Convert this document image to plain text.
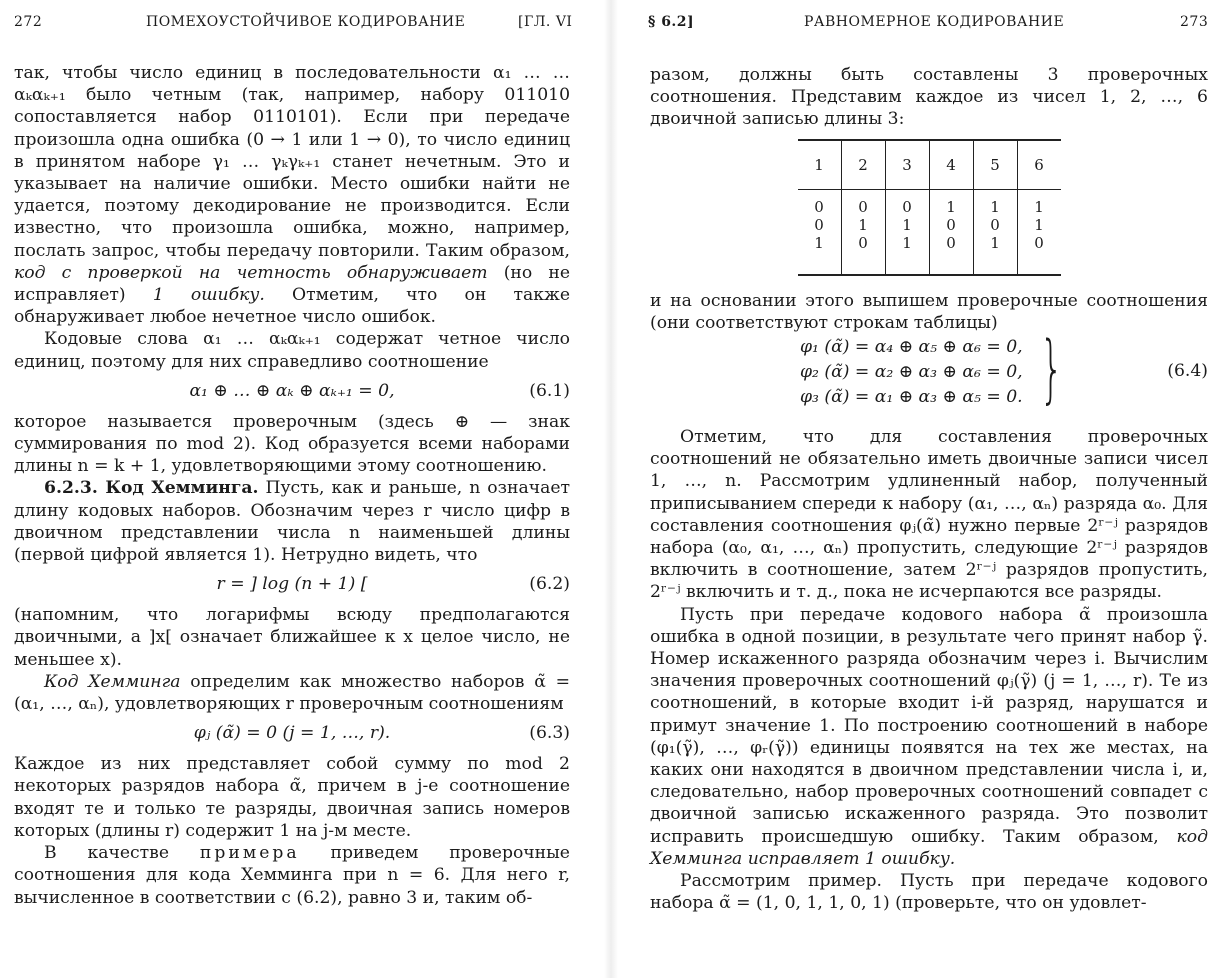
272	ПОМЕХОУСТОЙЧИВОЕ КОДИРОВАНИЕ	[ГЛ. VI

так, чтобы число единиц в последовательности α₁ … … αₖαₖ₊₁ было четным (так, например, набору 011010 сопоставляется набор 0110101). Если при передаче произошла одна ошибка (0 → 1 или 1 → 0), то число единиц в принятом наборе γ₁ … γₖγₖ₊₁ станет нечетным. Это и указывает на наличие ошибки. Место ошибки найти не удается, поэтому декодирование не производится. Если известно, что произошла ошибка, можно, например, послать запрос, чтобы передачу повторили. Таким образом, код с проверкой на четность обнаруживает (но не исправляет) 1 ошибку. Отметим, что он также обнаруживает любое нечетное число ошибок.

Кодовые слова α₁ … αₖαₖ₊₁ содержат четное число единиц, поэтому для них справедливо соотношение

α₁ ⊕ … ⊕ αₖ ⊕ αₖ₊₁ = 0,	(6.1)

которое называется проверочным (здесь ⊕ — знак суммирования по mod 2). Код образуется всеми наборами длины n = k + 1, удовлетворяющими этому соотношению.

6.2.3. Код Хемминга. Пусть, как и раньше, n означает длину кодовых наборов. Обозначим через r число цифр в двоичном представлении числа n наименьшей длины (первой цифрой является 1). Нетрудно видеть, что

r = ] log (n + 1) [	(6.2)

(напомним, что логарифмы всюду предполагаются двоичными, а ]x[ означает ближайшее к x целое число, не меньшее x).

Код Хемминга определим как множество наборов α̃ = (α₁, …, αₙ), удовлетворяющих r проверочным соотношениям

φⱼ (α̃) = 0 (j = 1, …, r).	(6.3)

Каждое из них представляет собой сумму по mod 2 некоторых разрядов набора α̃, причем в j-е соотношение входят те и только те разряды, двоичная запись номеров которых (длины r) содержит 1 на j-м месте.

В качестве примера приведем проверочные соотношения для кода Хемминга при n = 6. Для него r, вычисленное в соответствии с (6.2), равно 3 и, таким об-

§ 6.2]	РАВНОМЕРНОЕ КОДИРОВАНИЕ	273

разом, должны быть составлены 3 проверочных соотношения. Представим каждое из чисел 1, 2, …, 6 двоичной записью длины 3:

1	2	3	4	5	6
0	0	0	1	1	1
0	1	1	0	0	1
1	0	1	0	1	0

и на основании этого выпишем проверочные соотношения (они соответствуют строкам таблицы)

φ₁ (α̃) = α₄ ⊕ α₅ ⊕ α₆ = 0,
φ₂ (α̃) = α₂ ⊕ α₃ ⊕ α₆ = 0,
φ₃ (α̃) = α₁ ⊕ α₃ ⊕ α₅ = 0. }	(6.4)

Отметим, что для составления проверочных соотношений не обязательно иметь двоичные записи чисел 1, …, n. Рассмотрим удлиненный набор, полученный приписыванием спереди к набору (α₁, …, αₙ) разряда α₀. Для составления соотношения φⱼ(α̃) нужно первые 2ʳ⁻ʲ разрядов набора (α₀, α₁, …, αₙ) пропустить, следующие 2ʳ⁻ʲ разрядов включить в соотношение, затем 2ʳ⁻ʲ разрядов пропустить, 2ʳ⁻ʲ включить и т. д., пока не исчерпаются все разряды.

Пусть при передаче кодового набора α̃ произошла ошибка в одной позиции, в результате чего принят набор γ̃. Номер искаженного разряда обозначим через i. Вычислим значения проверочных соотношений φⱼ(γ̃) (j = 1, …, r). Те из соотношений, в которые входит i-й разряд, нарушатся и примут значение 1. По построению соотношений в наборе (φ₁(γ̃), …, φᵣ(γ̃)) единицы появятся на тех же местах, на каких они находятся в двоичном представлении числа i, и, следовательно, набор проверочных соотношений совпадет с двоичной записью искаженного разряда. Это позволит исправить происшедшую ошибку. Таким образом, код Хемминга исправляет 1 ошибку.

Рассмотрим пример. Пусть при передаче кодового набора α̃ = (1, 0, 1, 1, 0, 1) (проверьте, что он удовлет-
